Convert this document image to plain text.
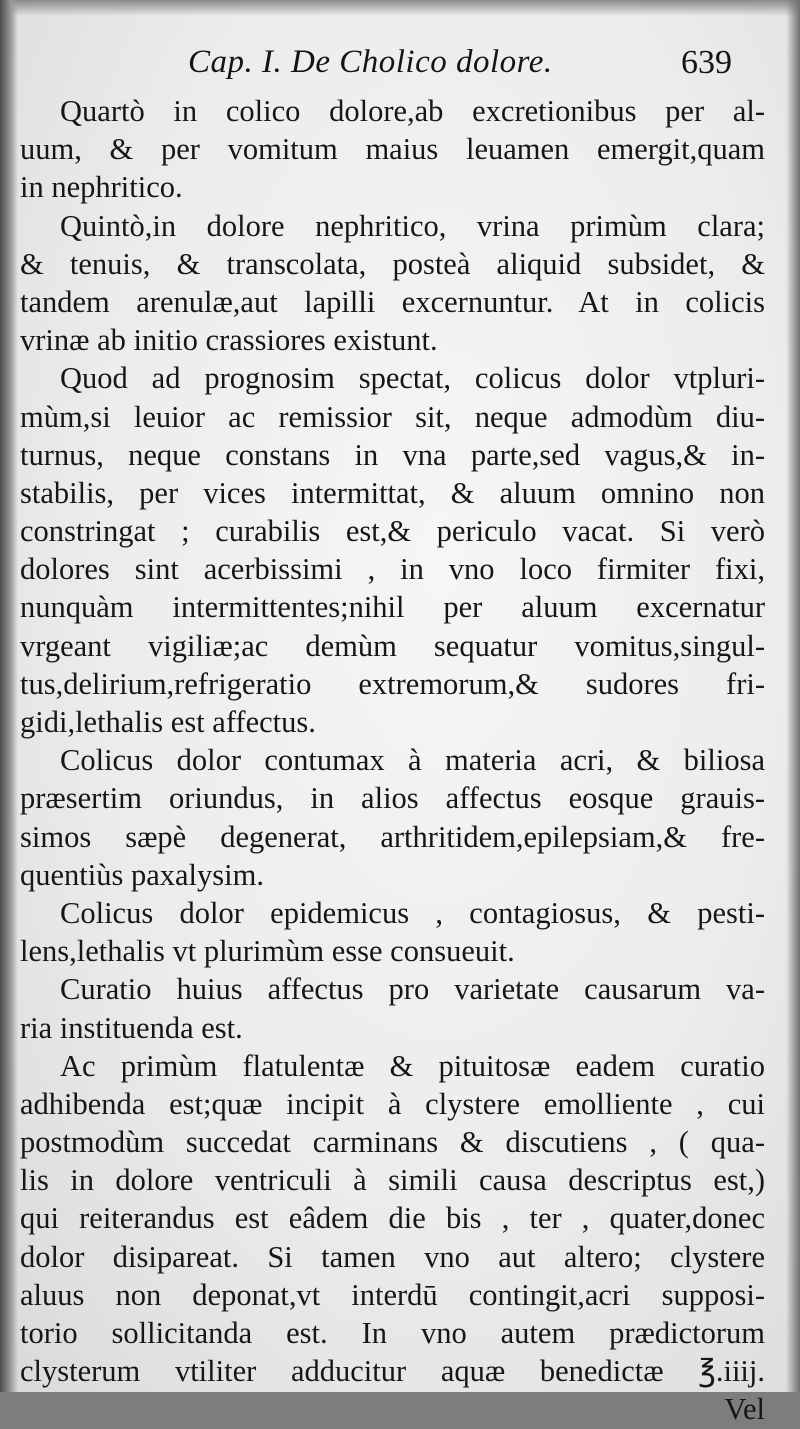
Cap. I. De Cholico dolore.	639
Quartò in colico dolore,ab excretionibus per al-
uum, & per vomitum maius leuamen emergit,quam
in nephritico.
Quintò,in dolore nephritico, vrina primùm clara;
& tenuis, & transcolata, posteà aliquid subsidet, &
tandem arenulæ,aut lapilli excernuntur. At in colicis
vrinæ ab initio crassiores existunt.
Quod ad prognosim spectat, colicus dolor vtpluri-
mùm,si leuior ac remissior sit, neque admodùm diu-
turnus, neque constans in vna parte,sed vagus,& in-
stabilis, per vices intermittat, & aluum omnino non
constringat ; curabilis est,& periculo vacat. Si verò
dolores sint acerbissimi , in vno loco firmiter fixi,
nunquàm intermittentes;nihil per aluum excernatur
vrgeant vigiliæ;ac demùm sequatur vomitus,singul-
tus,delirium,refrigeratio extremorum,& sudores fri-
gidi,lethalis est affectus.
Colicus dolor contumax à materia acri, & biliosa
præsertim oriundus, in alios affectus eosque grauis-
simos sæpè degenerat, arthritidem,epilepsiam,& fre-
quentiùs paxalysim.
Colicus dolor epidemicus , contagiosus, & pesti-
lens,lethalis vt plurimùm esse consueuit.
Curatio huius affectus pro varietate causarum va-
ria instituenda est.
Ac primùm flatulentæ & pituitosæ eadem curatio
adhibenda est;quæ incipit à clystere emolliente , cui
postmodùm succedat carminans & discutiens , ( qua-
lis in dolore ventriculi à simili causa descriptus est,)
qui reiterandus est eâdem die bis , ter , quater,donec
dolor disipareat. Si tamen vno aut altero; clystere
aluus non deponat,vt interdū contingit,acri supposi-
torio sollicitanda est. In vno autem prædictorum
clysterum vtiliter adducitur aquæ benedictæ ℥.iiij.
Vel
